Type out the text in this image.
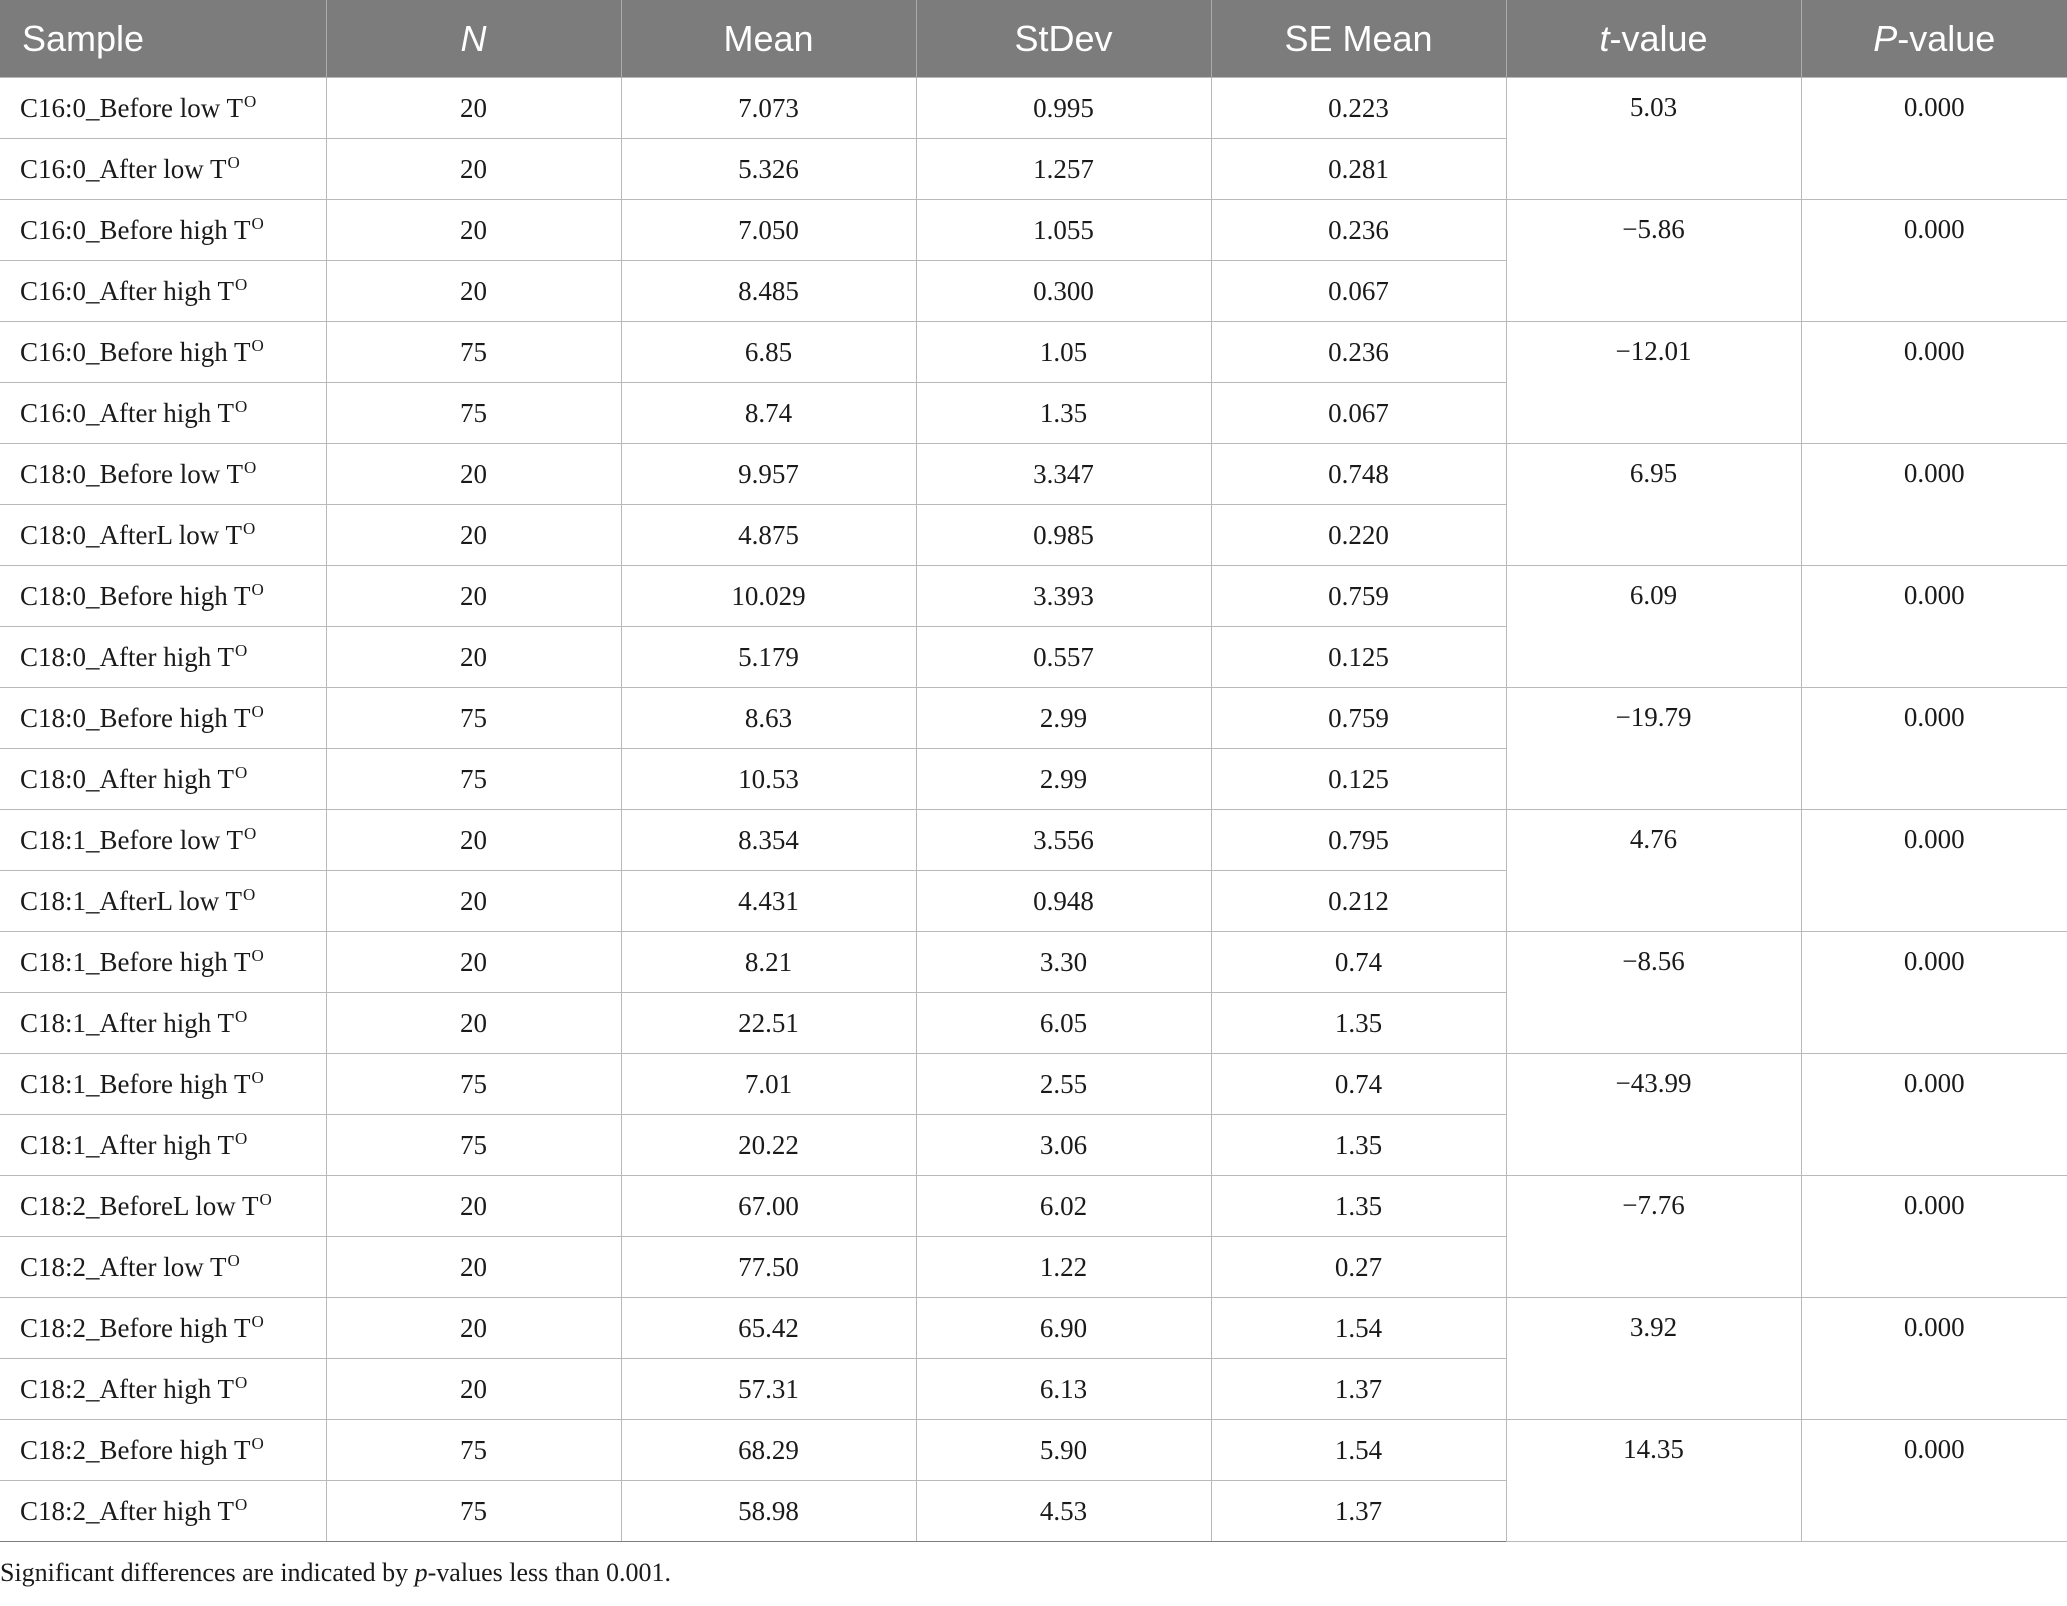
Sample	N	Mean	StDev	SE Mean	t-value	P-value
C16:0_Before low $T^O$	20	7.073	0.995	0.223	5.03	0.000
C16:0_After low $T^O$	20	5.326	1.257	0.281		
C16:0_Before high $T^O$	20	7.050	1.055	0.236	−5.86	0.000
C16:0_After high $T^O$	20	8.485	0.300	0.067		
C16:0_Before high $T^O$	75	6.85	1.05	0.236	−12.01	0.000
C16:0_After high $T^O$	75	8.74	1.35	0.067		
C18:0_Before low $T^O$	20	9.957	3.347	0.748	6.95	0.000
C18:0_AfterL low $T^O$	20	4.875	0.985	0.220		
C18:0_Before high $T^O$	20	10.029	3.393	0.759	6.09	0.000
C18:0_After high $T^O$	20	5.179	0.557	0.125		
C18:0_Before high $T^O$	75	8.63	2.99	0.759	−19.79	0.000
C18:0_After high $T^O$	75	10.53	2.99	0.125		
C18:1_Before low $T^O$	20	8.354	3.556	0.795	4.76	0.000
C18:1_AfterL low $T^O$	20	4.431	0.948	0.212		
C18:1_Before high $T^O$	20	8.21	3.30	0.74	−8.56	0.000
C18:1_After high $T^O$	20	22.51	6.05	1.35		
C18:1_Before high $T^O$	75	7.01	2.55	0.74	−43.99	0.000
C18:1_After high $T^O$	75	20.22	3.06	1.35		
C18:2_BeforeL low $T^O$	20	67.00	6.02	1.35	−7.76	0.000
C18:2_After low $T^O$	20	77.50	1.22	0.27		
C18:2_Before high $T^O$	20	65.42	6.90	1.54	3.92	0.000
C18:2_After high $T^O$	20	57.31	6.13	1.37		
C18:2_Before high $T^O$	75	68.29	5.90	1.54	14.35	0.000
C18:2_After high $T^O$	75	58.98	4.53	1.37		

Significant differences are indicated by p-values less than 0.001.
